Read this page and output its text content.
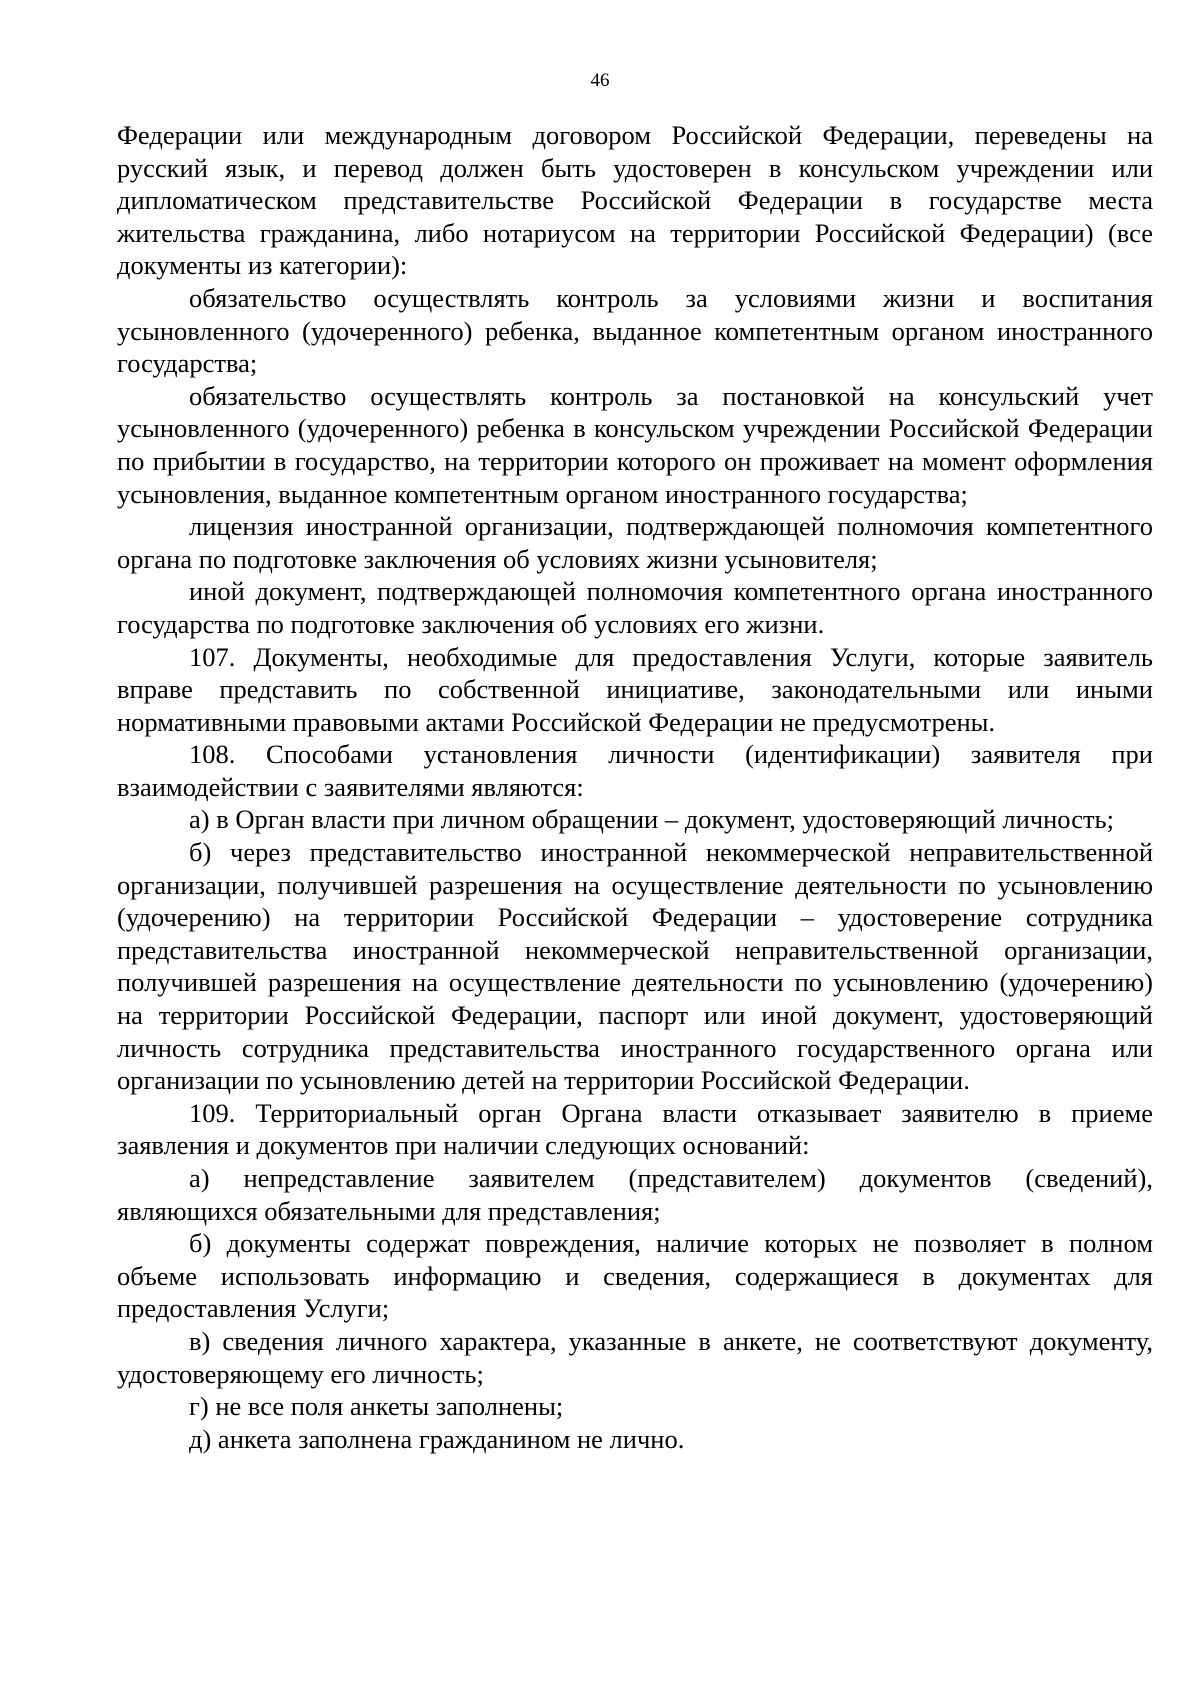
46

Федерации или международным договором Российской Федерации, переведены на русский язык, и перевод должен быть удостоверен в консульском учреждении или дипломатическом представительстве Российской Федерации в государстве места жительства гражданина, либо нотариусом на территории Российской Федерации) (все документы из категории):

обязательство осуществлять контроль за условиями жизни и воспитания усыновленного (удочеренного) ребенка, выданное компетентным органом иностранного государства;

обязательство осуществлять контроль за постановкой на консульский учет усыновленного (удочеренного) ребенка в консульском учреждении Российской Федерации по прибытии в государство, на территории которого он проживает на момент оформления усыновления, выданное компетентным органом иностранного государства;

лицензия иностранной организации, подтверждающей полномочия компетентного органа по подготовке заключения об условиях жизни усыновителя;

иной документ, подтверждающей полномочия компетентного органа иностранного государства по подготовке заключения об условиях его жизни.

107. Документы, необходимые для предоставления Услуги, которые заявитель вправе представить по собственной инициативе, законодательными или иными нормативными правовыми актами Российской Федерации не предусмотрены.

108. Способами установления личности (идентификации) заявителя при взаимодействии с заявителями являются:

а) в Орган власти при личном обращении – документ, удостоверяющий личность;

б) через представительство иностранной некоммерческой неправительственной организации, получившей разрешения на осуществление деятельности по усыновлению (удочерению) на территории Российской Федерации – удостоверение сотрудника представительства иностранной некоммерческой неправительственной организации, получившей разрешения на осуществление деятельности по усыновлению (удочерению) на территории Российской Федерации, паспорт или иной документ, удостоверяющий личность сотрудника представительства иностранного государственного органа или организации по усыновлению детей на территории Российской Федерации.

109. Территориальный орган Органа власти отказывает заявителю в приеме заявления и документов при наличии следующих оснований:

а) непредставление заявителем (представителем) документов (сведений), являющихся обязательными для представления;

б) документы содержат повреждения, наличие которых не позволяет в полном объеме использовать информацию и сведения, содержащиеся в документах для предоставления Услуги;

в) сведения личного характера, указанные в анкете, не соответствуют документу, удостоверяющему его личность;

г) не все поля анкеты заполнены;

д) анкета заполнена гражданином не лично.
